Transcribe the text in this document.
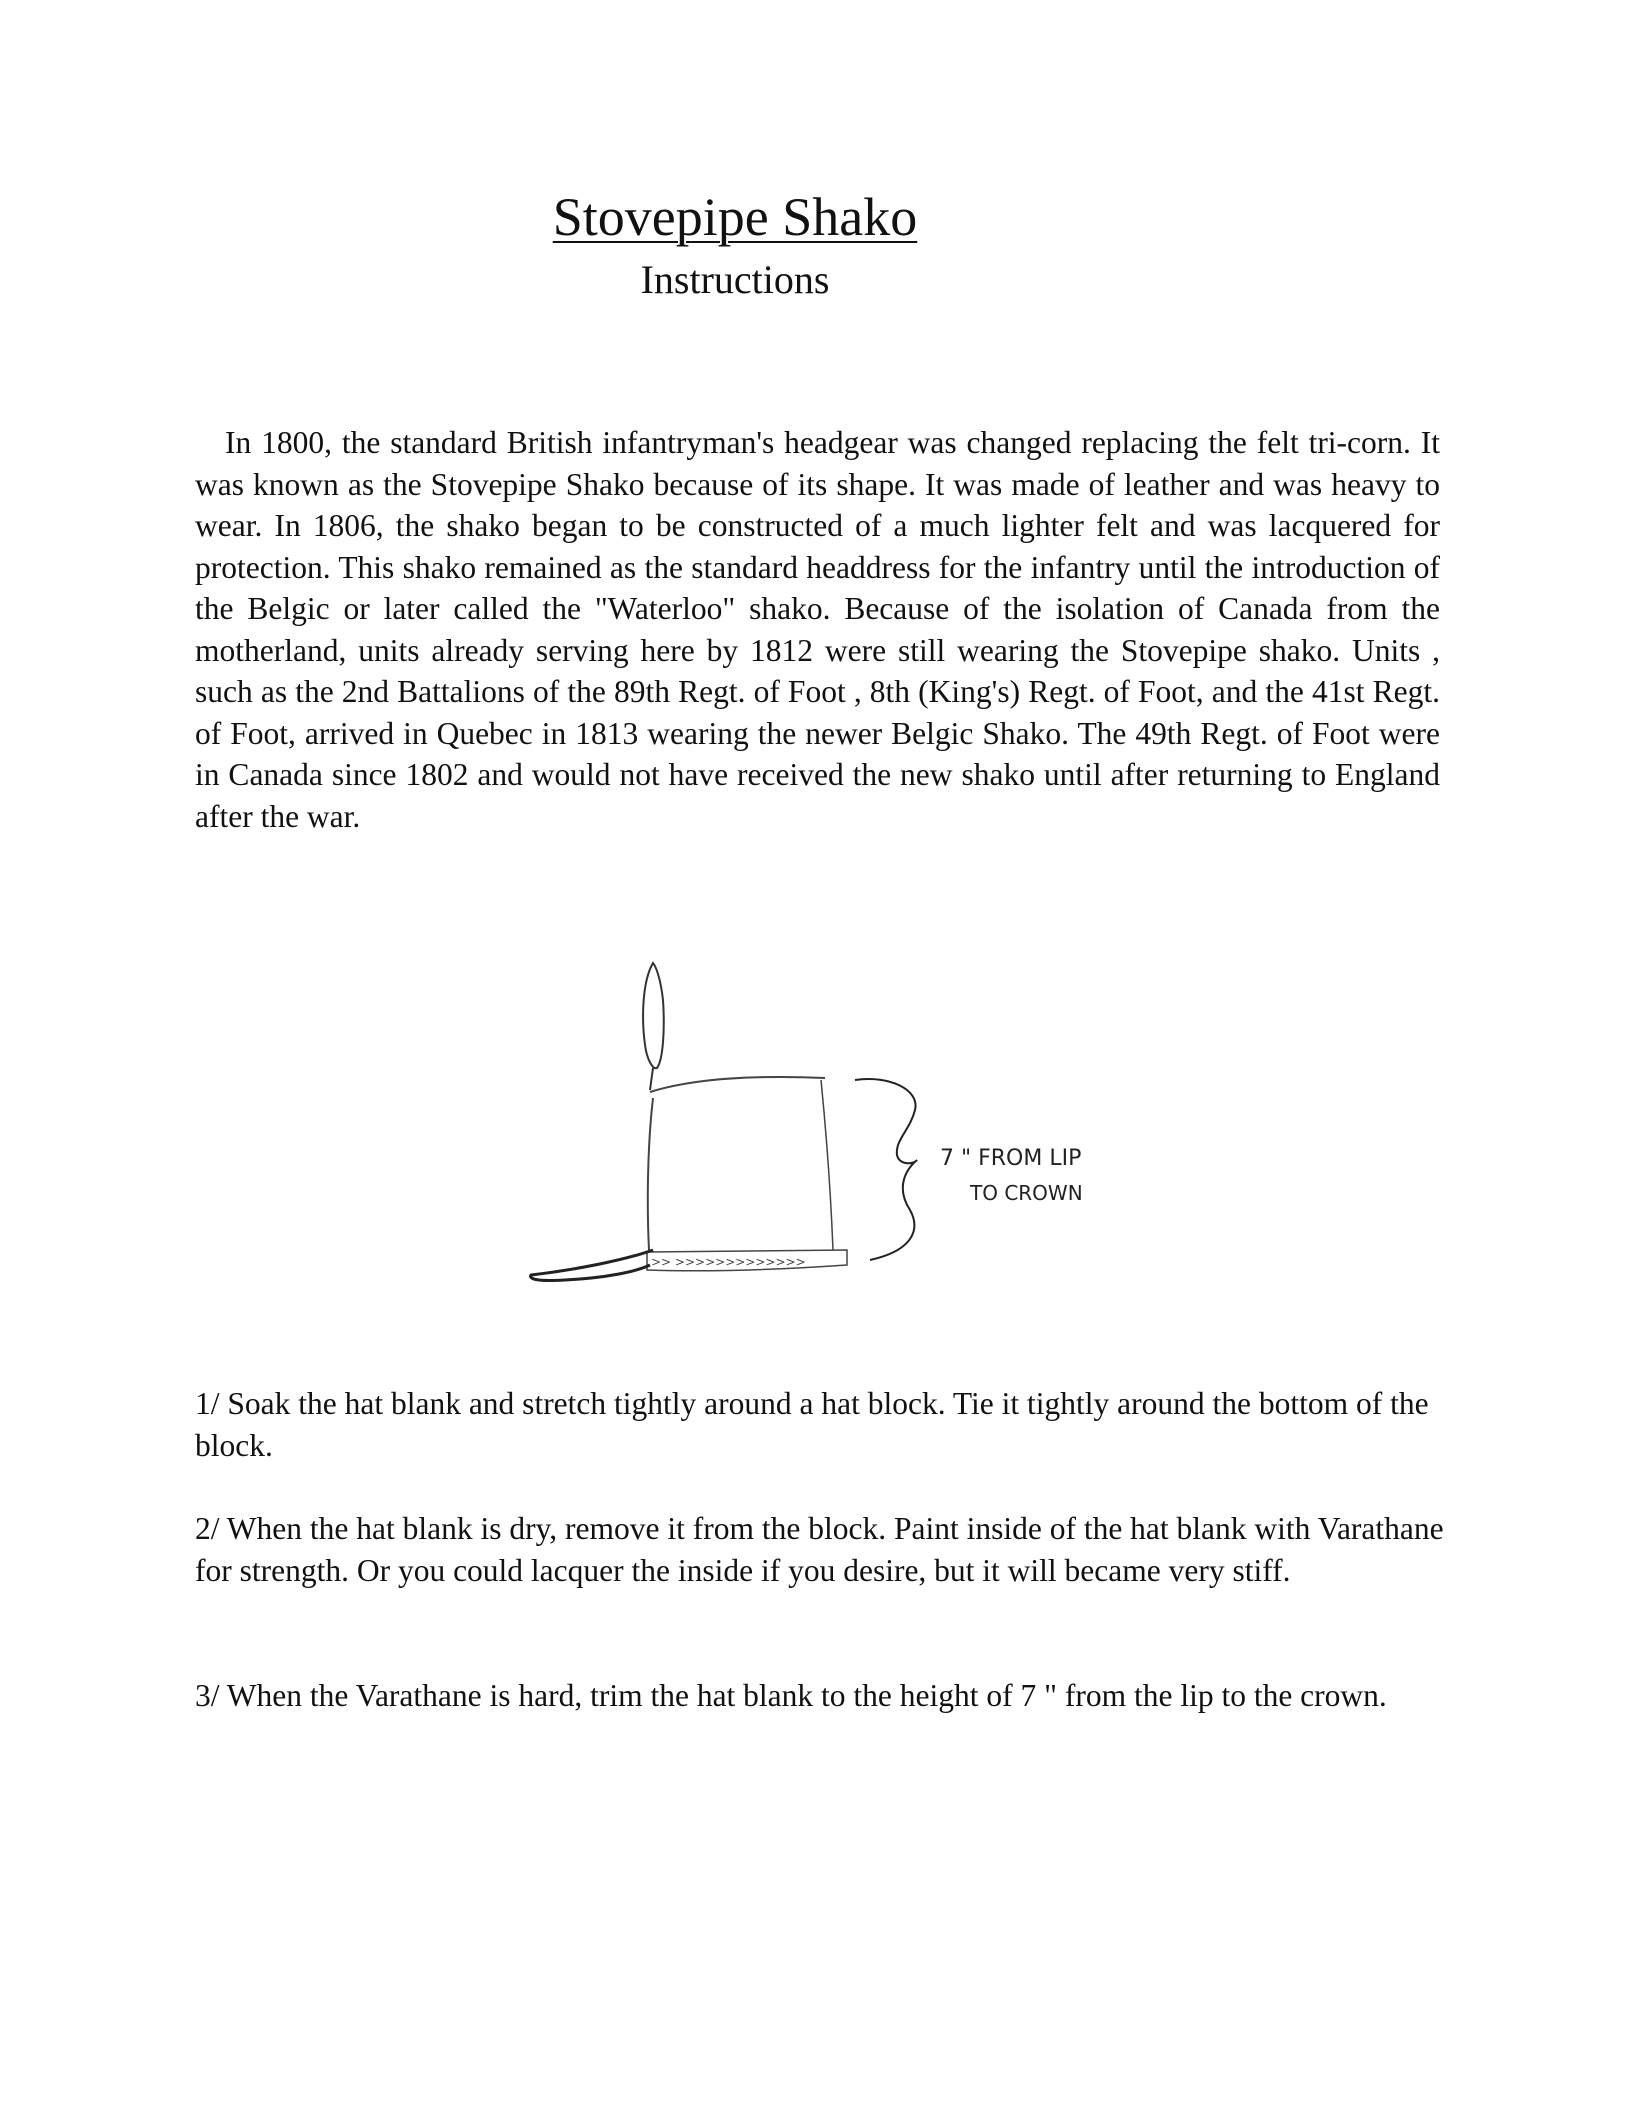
Stovepipe Shako
Instructions

In 1800, the standard British infantryman's headgear was changed replacing the felt tri-corn. It was known as the Stovepipe Shako because of its shape. It was made of leather and was heavy to wear. In 1806, the shako began to be constructed of a much lighter felt and was lacquered for protection. This shako remained as the standard headdress for the infantry until the introduction of the Belgic or later called the "Waterloo" shako. Because of the isolation of Canada from the motherland, units already serving here by 1812 were still wearing the Stovepipe shako. Units , such as the 2nd Battalions of the 89th Regt. of Foot , 8th (King's) Regt. of Foot, and the 41st Regt. of Foot, arrived in Quebec in 1813 wearing the newer Belgic Shako. The 49th Regt. of Foot were in Canada since 1802 and would not have received the new shako until after returning to England after the war.

>> >>>>>>>>>>>>>
7 " FROM LIP
TO CROWN

1/ Soak the hat blank and stretch tightly around a hat block. Tie it tightly around the bottom of the block.

2/ When the hat blank is dry, remove it from the block. Paint inside of the hat blank with Varathane for strength. Or you could lacquer the inside if you desire, but it will became very stiff.

3/ When the Varathane is hard, trim the hat blank to the height of 7 " from the lip to the crown.
